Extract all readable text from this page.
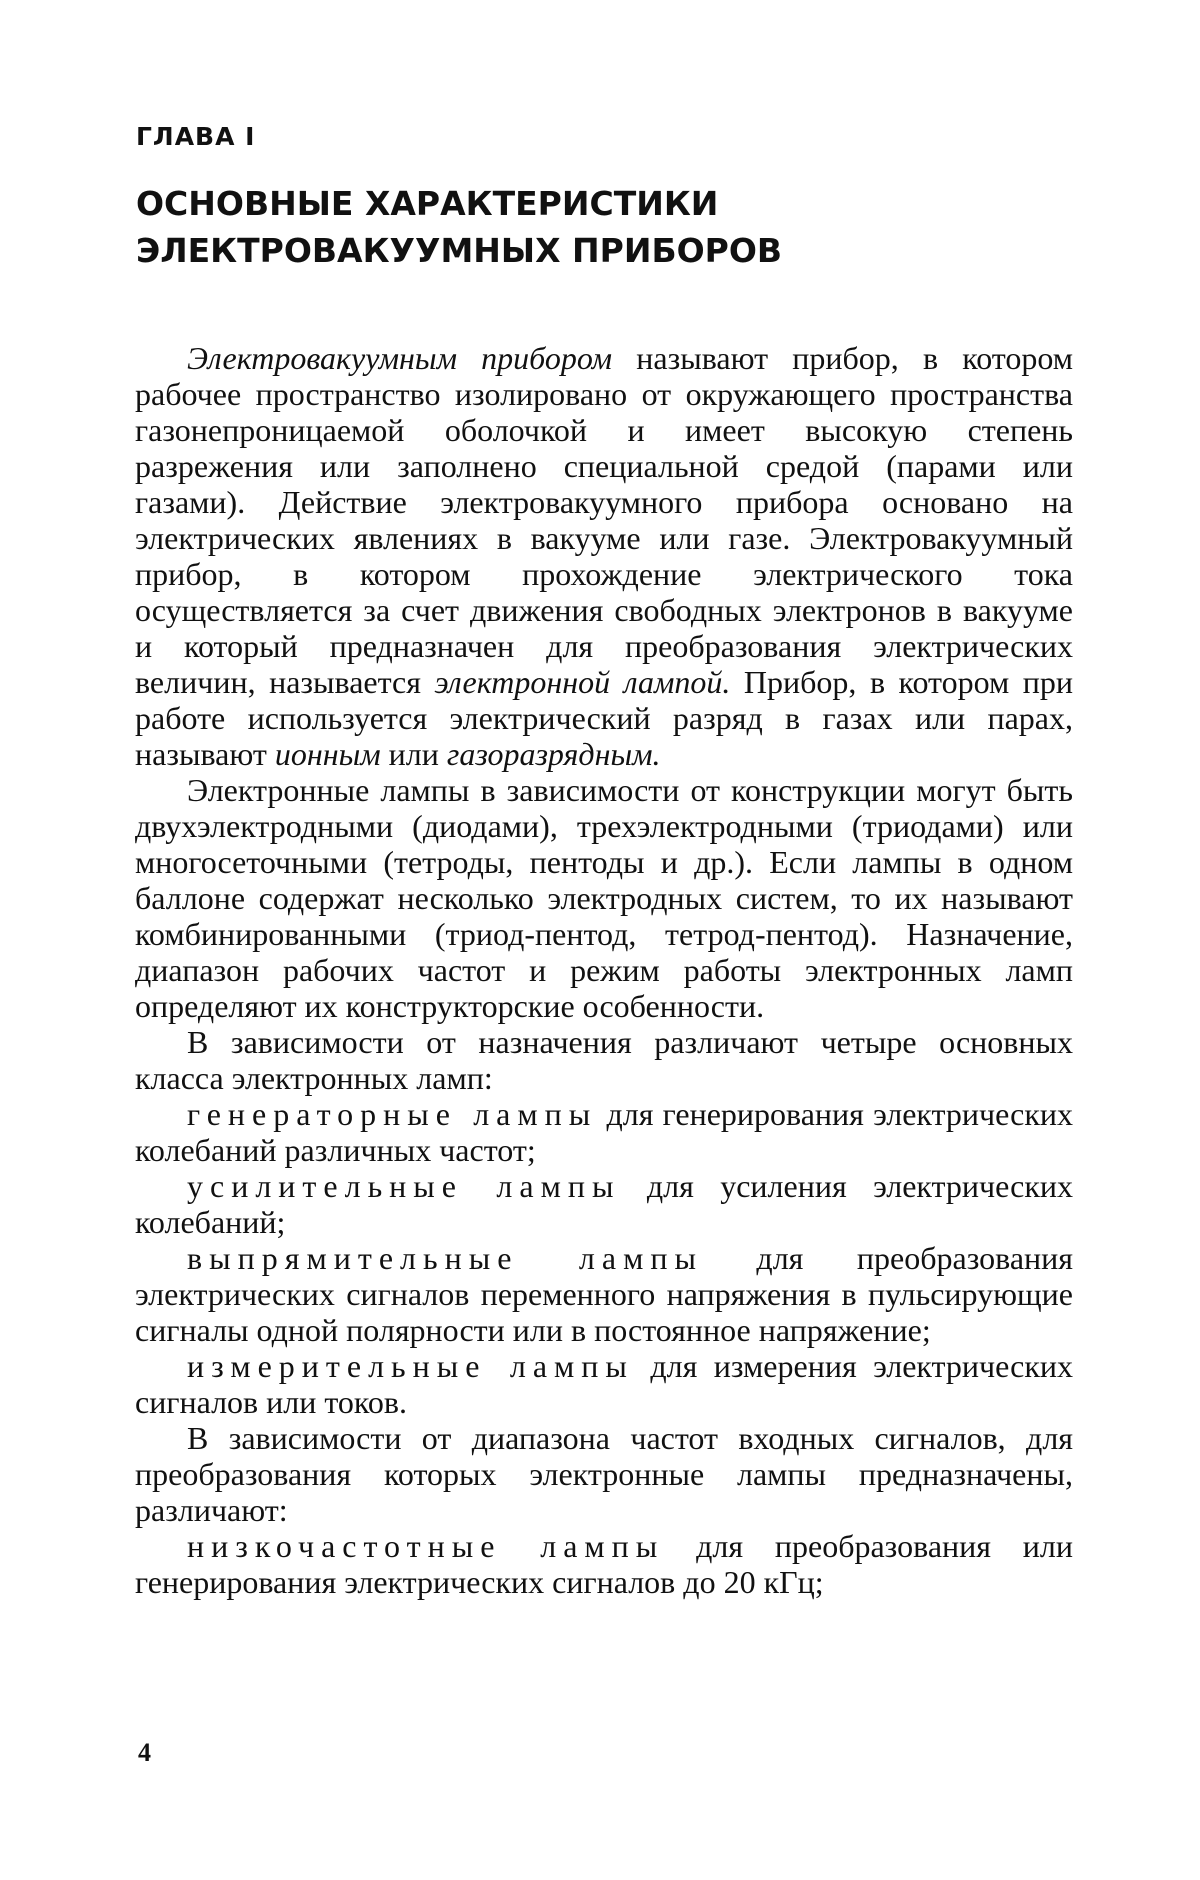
ГЛАВА I

ОСНОВНЫЕ ХАРАКТЕРИСТИКИ
ЭЛЕКТРОВАКУУМНЫХ ПРИБОРОВ

Электровакуумным прибором называют прибор, в котором рабочее пространство изолировано от окружающего пространства газонепроницаемой оболочкой и имеет высокую степень разрежения или заполнено специальной средой (парами или газами). Действие электровакуумного прибора основано на электрических явлениях в вакууме или газе. Электровакуумный прибор, в котором прохождение электрического тока осуществляется за счет движения свободных электронов в вакууме и который предназначен для преобразования электрических величин, называется электронной лампой. Прибор, в котором при работе используется электрический разряд в газах или парах, называют ионным или газоразрядным.

Электронные лампы в зависимости от конструкции могут быть двухэлектродными (диодами), трехэлектродными (триодами) или многосеточными (тетроды, пентоды и др.). Если лампы в одном баллоне содержат несколько электродных систем, то их называют комбинированными (триод-пентод, тетрод-пентод). Назначение, диапазон рабочих частот и режим работы электронных ламп определяют их конструкторские особенности.

В зависимости от назначения различают четыре основных класса электронных ламп:

генераторные лампы для генерирования электрических колебаний различных частот;

усилительные лампы для усиления электрических колебаний;

выпрямительные лампы для преобразования электрических сигналов переменного напряжения в пульсирующие сигналы одной полярности или в постоянное напряжение;

измерительные лампы для измерения электрических сигналов или токов.

В зависимости от диапазона частот входных сигналов, для преобразования которых электронные лампы предназначены, различают:

низкочастотные лампы для преобразования или генерирования электрических сигналов до 20 кГц;

4
